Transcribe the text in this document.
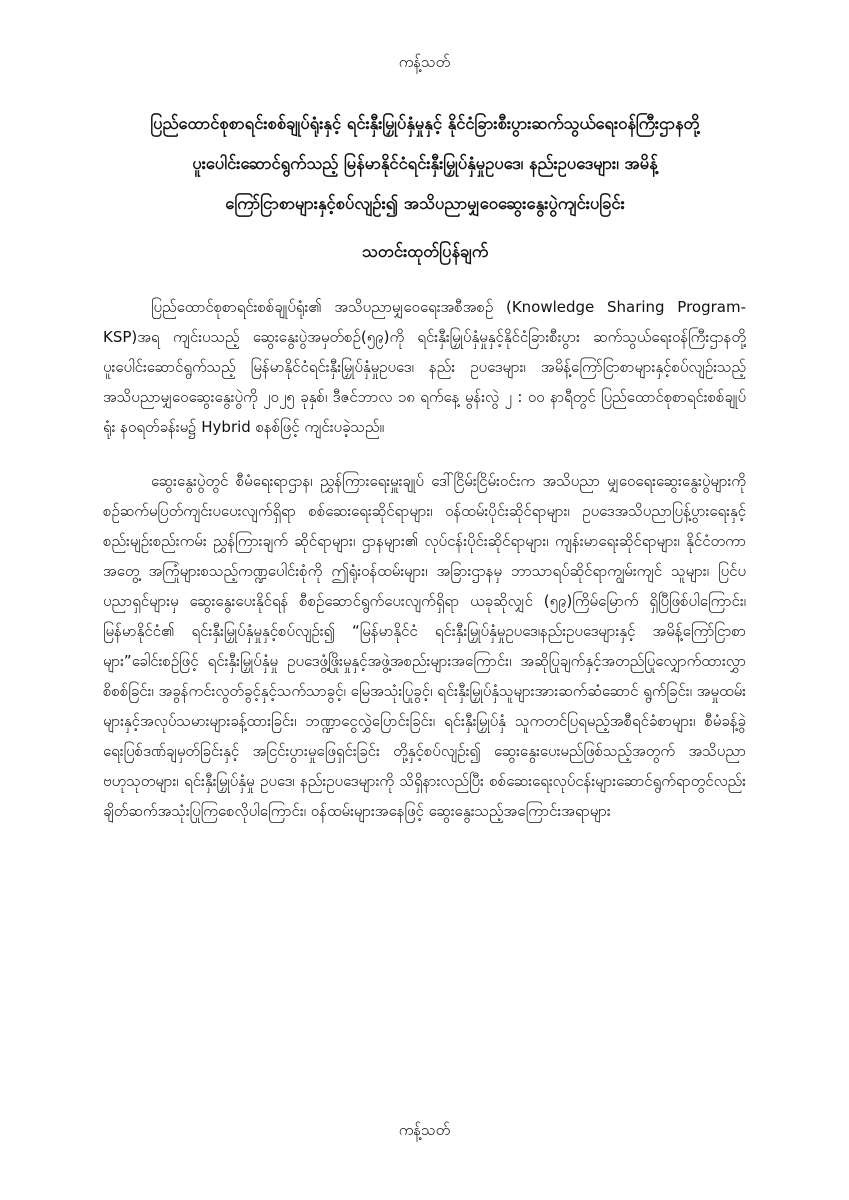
ကန့်သတ်
ပြည်ထောင်စုစာရင်းစစ်ချုပ်ရုံးနှင့် ရင်းနှီးမြှုပ်နှံမှုနှင့် နိုင်ငံခြားစီးပွားဆက်သွယ်ရေးဝန်ကြီးဌာနတို့
ပူးပေါင်းဆောင်ရွက်သည့် မြန်မာနိုင်ငံရင်းနှီးမြှုပ်နှံမှုဥပဒေ၊ နည်းဥပဒေများ၊ အမိန့်
ကြော်ငြာစာများနှင့်စပ်လျဉ်း၍ အသိပညာမျှဝေဆွေးနွေးပွဲကျင်းပခြင်း
သတင်းထုတ်ပြန်ချက်

ပြည်ထောင်စုစာရင်းစစ်ချုပ်ရုံး၏ အသိပညာမျှဝေရေးအစီအစဉ် (Knowledge Sharing Program-KSP)အရ ကျင်းပသည့် ဆွေးနွေးပွဲအမှတ်စဉ်(၅၉)ကို ရင်းနှီးမြှုပ်နှံမှုနှင့်နိုင်ငံခြားစီးပွား ဆက်သွယ်ရေးဝန်ကြီးဌာနတို့ ပူးပေါင်းဆောင်ရွက်သည့် မြန်မာနိုင်ငံရင်းနှီးမြှုပ်နှံမှုဥပဒေ၊ နည်း ဥပဒေများ၊ အမိန့်ကြော်ငြာစာများနှင့်စပ်လျဉ်းသည့် အသိပညာမျှဝေဆွေးနွေးပွဲကို ၂၀၂၅ ခုနှစ်၊ ဒီဇင်ဘာလ ၁၈ ရက်နေ့ မွန်းလွဲ ၂ : ၀၀ နာရီတွင် ပြည်ထောင်စုစာရင်းစစ်ချုပ်ရုံး နဝရတ်ခန်းမ၌ Hybrid စနစ်ဖြင့် ကျင်းပခဲ့သည်။

ဆွေးနွေးပွဲတွင် စီမံရေးရာဌာန၊ ညွှန်ကြားရေးမှူးချုပ် ဒေါ်ငြိမ်းငြိမ်းဝင်းက အသိပညာ မျှဝေရေးဆွေးနွေးပွဲများကို စဉ်ဆက်မပြတ်ကျင်းပပေးလျက်ရှိရာ စစ်ဆေးရေးဆိုင်ရာများ၊ ဝန်ထမ်းပိုင်းဆိုင်ရာများ၊ ဥပဒေအသိပညာပြန့်ပွားရေးနှင့် စည်းမျဉ်းစည်းကမ်း ညွှန်ကြားချက် ဆိုင်ရာများ၊ ဌာနများ၏ လုပ်ငန်းပိုင်းဆိုင်ရာများ၊ ကျန်းမာရေးဆိုင်ရာများ၊ နိုင်ငံတကာအတွေ့ အကြုံများစသည့်ကဏ္ဍပေါင်းစုံကို ဤရုံးဝန်ထမ်းများ၊ အခြားဌာနမှ ဘာသာရပ်ဆိုင်ရာကျွမ်းကျင် သူများ၊ ပြင်ပပညာရှင်များမှ ဆွေးနွေးပေးနိုင်ရန် စီစဉ်ဆောင်ရွက်ပေးလျက်ရှိရာ ယခုဆိုလျှင် (၅၉)ကြိမ်မြောက် ရှိပြီဖြစ်ပါကြောင်း၊ မြန်မာနိုင်ငံ၏ ရင်းနှီးမြှုပ်နှံမှုနှင့်စပ်လျဉ်း၍ “မြန်မာနိုင်ငံ ရင်းနှီးမြှုပ်နှံမှုဥပဒေ၊နည်းဥပဒေများနှင့် အမိန့်ကြော်ငြာစာများ”ခေါင်းစဉ်ဖြင့် ရင်းနှီးမြှုပ်နှံမှု ဥပဒေဖွံ့ဖြိုးမှုနှင့်အဖွဲ့အစည်းများအကြောင်း၊ အဆိုပြုချက်နှင့်အတည်ပြုလျှောက်ထားလွှာစိစစ်ခြင်း၊ အခွန်ကင်းလွတ်ခွင့်နှင့်သက်သာခွင့်၊ မြေအသုံးပြုခွင့်၊ ရင်းနှီးမြှုပ်နှံသူများအားဆက်ဆံဆောင် ရွက်ခြင်း၊ အမှုထမ်းများနှင့်အလုပ်သမားများခန့်ထားခြင်း၊ ဘဏ္ဍာငွေလွှဲပြောင်းခြင်း၊ ရင်းနှီးမြှုပ်နှံ သူကတင်ပြရမည့်အစီရင်ခံစာများ၊ စီမံခန့်ခွဲရေးပြစ်ဒဏ်ချမှတ်ခြင်းနှင့် အငြင်းပွားမှုဖြေရှင်းခြင်း တို့နှင့်စပ်လျဉ်း၍ ဆွေးနွေးပေးမည်ဖြစ်သည့်အတွက် အသိပညာဗဟုသုတများ၊ ရင်းနှီးမြှုပ်နှံမှု ဥပဒေ၊ နည်းဥပဒေများကို သိရှိနားလည်ပြီး စစ်ဆေးရေးလုပ်ငန်းများဆောင်ရွက်ရာတွင်လည်း ချိတ်ဆက်အသုံးပြုကြစေလိုပါကြောင်း၊ ဝန်ထမ်းများအနေဖြင့် ဆွေးနွေးသည့်အကြောင်းအရာများ

ကန့်သတ်
